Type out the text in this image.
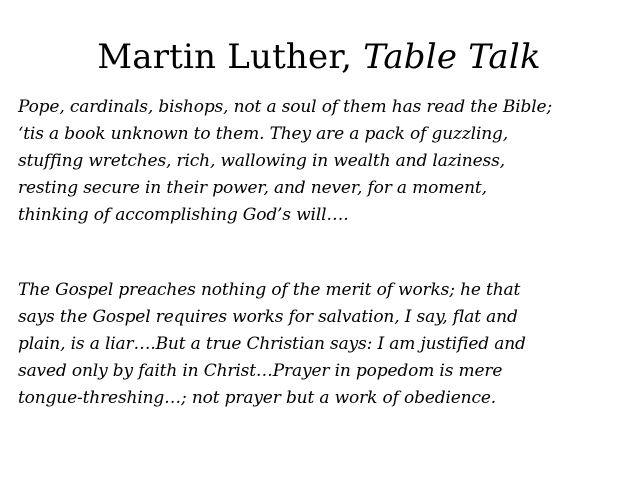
Martin Luther, Table Talk
Pope, cardinals, bishops, not a soul of them has read the Bible;
‘tis a book unknown to them. They are a pack of guzzling,
stuffing wretches, rich, wallowing in wealth and laziness,
resting secure in their power, and never, for a moment,
thinking of accomplishing God’s will….
The Gospel preaches nothing of the merit of works; he that
says the Gospel requires works for salvation, I say, flat and
plain, is a liar….But a true Christian says: I am justified and
saved only by faith in Christ…Prayer in popedom is mere
tongue-threshing…; not prayer but a work of obedience.
